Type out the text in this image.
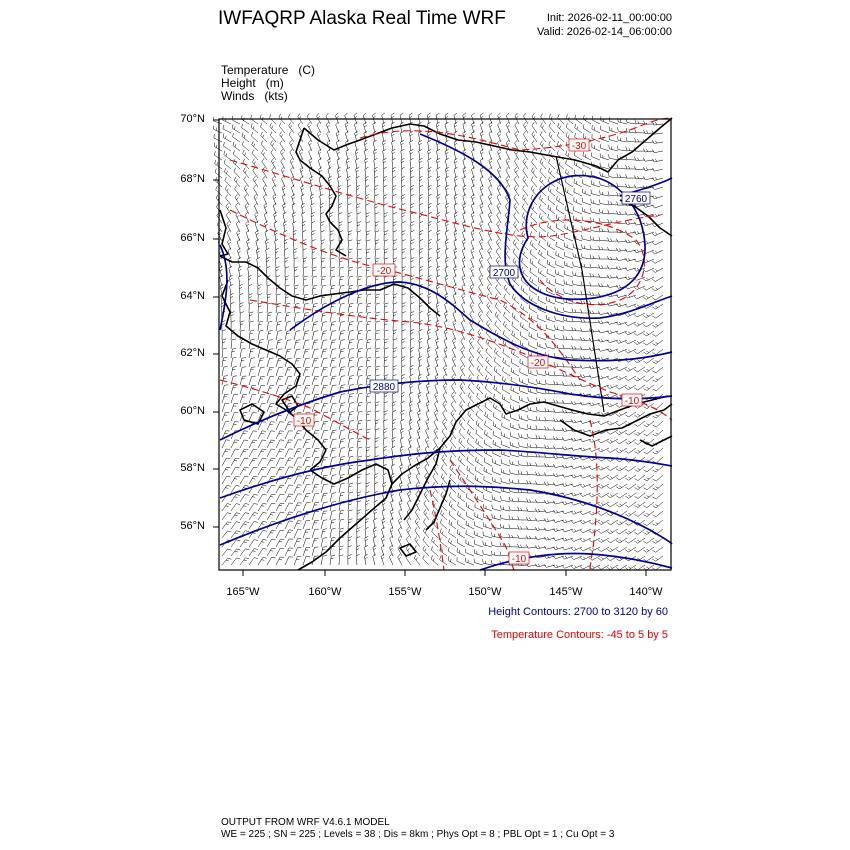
IWFAQRP Alaska Real Time WRF	Init: 2026-02-11_00:00:00
Valid: 2026-02-14_06:00:00
Temperature (C)
Height (m)
Winds (kts)
-30
2760
-20	2700
-20
2880
-10
-10
-10
70°N
68°N
66°N
64°N
62°N
60°N
58°N
56°N
165°W	160°W	155°W	150°W	145°W	140°W
Height Contours: 2700 to 3120 by 60
Temperature Contours: -45 to 5 by 5
OUTPUT FROM WRF V4.6.1 MODEL
WE = 225 ; SN = 225 ; Levels = 38 ; Dis = 8km ; Phys Opt = 8 ; PBL Opt = 1 ; Cu Opt = 3
